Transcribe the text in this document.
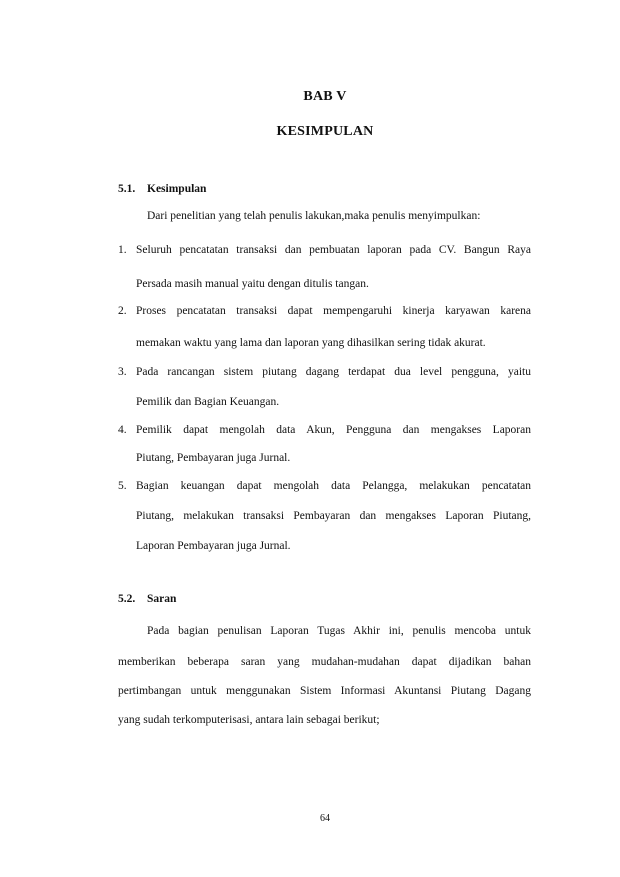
BAB V
KESIMPULAN
5.1. Kesimpulan
Dari penelitian yang telah penulis lakukan,maka penulis menyimpulkan:
1. Seluruh pencatatan transaksi dan pembuatan laporan pada CV. Bangun Raya
Persada masih manual yaitu dengan ditulis tangan.
2. Proses pencatatan transaksi dapat mempengaruhi kinerja karyawan karena
memakan waktu yang lama dan laporan yang dihasilkan sering tidak akurat.
3. Pada rancangan sistem piutang dagang terdapat dua level pengguna, yaitu
Pemilik dan Bagian Keuangan.
4. Pemilik dapat mengolah data Akun, Pengguna dan mengakses Laporan
Piutang, Pembayaran juga Jurnal.
5. Bagian keuangan dapat mengolah data Pelangga, melakukan pencatatan
Piutang, melakukan transaksi Pembayaran dan mengakses Laporan Piutang,
Laporan Pembayaran juga Jurnal.
5.2. Saran
Pada bagian penulisan Laporan Tugas Akhir ini, penulis mencoba untuk
memberikan beberapa saran yang mudahan-mudahan dapat dijadikan bahan
pertimbangan untuk menggunakan Sistem Informasi Akuntansi Piutang Dagang
yang sudah terkomputerisasi, antara lain sebagai berikut;
64
